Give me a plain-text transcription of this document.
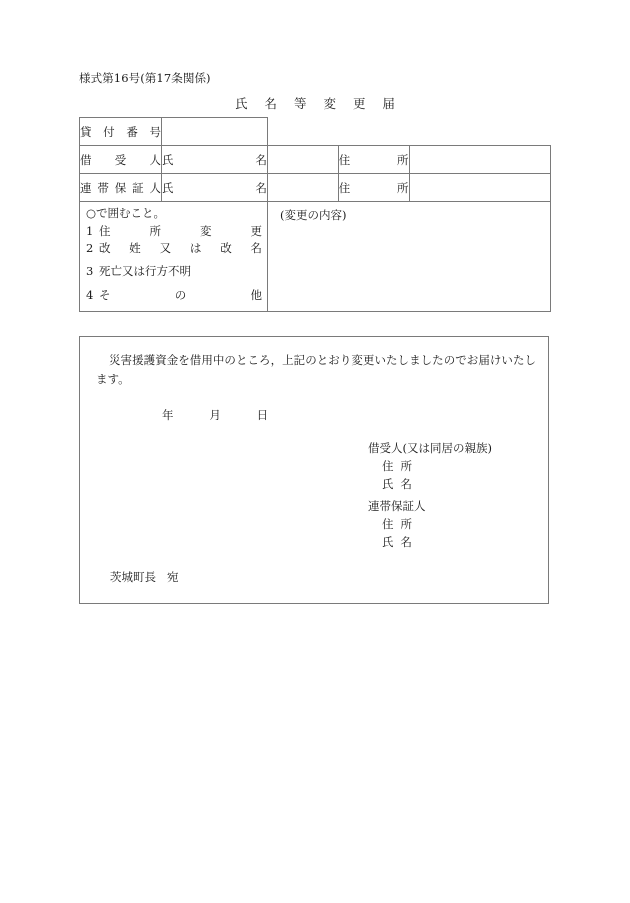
様式第16号(第17条関係)
氏 名 等 変 更 届
貸付番号				

借 受 人	氏 名		住 所	

連帯保証人	氏 名		住 所	

○で囲むこと。
1 住 所 変 更
2 改姓又は改名
3 死亡又は行方不明
4 そ の 他

(変更の内容)
災害援護資金を借用中のところ，上記のとおり変更いたしましたのでお届けいたします。
年	月	日
借受人(又は同居の親族)
住 所
氏 名
連帯保証人
住 所
氏 名
茨城町長 宛
